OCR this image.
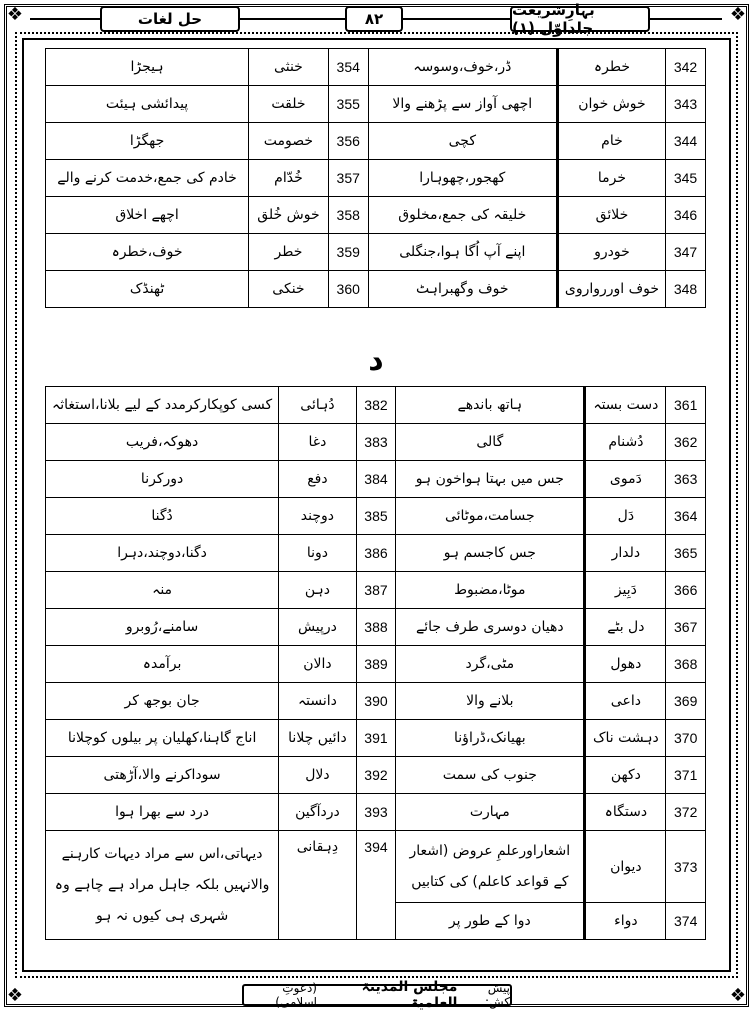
❖	❖
❖	❖
بہارِشریعت جلداوّل (۱)
۸۲
حل لغات
342	خطرہ	ڈر،خوف،وسوسہ	354	خنثی	ہیجڑا
343	خوش خوان	اچھی آواز سے پڑھنے والا	355	خلقت	پیدائشی ہیئت
344	خام	کچی	356	خصومت	جھگڑا
345	خرما	کھجور،چھوہارا	357	خُدّام	خادم کی جمع،خدمت کرنے والے
346	خلائق	خلیقہ کی جمع،مخلوق	358	خوش خُلق	اچھے اخلاق
347	خودرو	اپنے آپ اُگا ہوا،جنگلی	359	خطر	خوف،خطرہ
348	خوف اوررواروی	خوف وگھبراہٹ	360	خنکی	ٹھنڈک
د
361	دست بستہ	ہاتھ باندھے	382	دُہائی	کسی کوپکارکرمدد کے لیے بلانا،استغاثہ
362	دُشنام	گالی	383	دغا	دھوکہ،فریب
363	دَموی	جس میں بہتا ہواخون ہو	384	دفع	دورکرنا
364	دَل	جسامت،موٹائی	385	دوچند	دُگنا
365	دلدار	جس کاجسم ہو	386	دونا	دگنا،دوچند،دہرا
366	دَبِیز	موٹا،مضبوط	387	دہن	منہ
367	دل بٹے	دھیان دوسری طرف جائے	388	درپیش	سامنے،رُوبرو
368	دھول	مٹی،گرد	389	دالان	برآمدہ
369	داعی	بلانے والا	390	دانستہ	جان بوجھ کر
370	دہشت ناک	بھیانک،ڈراؤنا	391	دائیں چلانا	اناج گاہنا،کھلیان پر بیلوں کوچلانا
371	دکھن	جنوب کی سمت	392	دلال	سوداکرنے والا،آڑھتی
372	دستگاہ	مہارت	393	دردآگین	درد سے بھرا ہوا
373	دیوان	اشعاراورعلمِ عروض (اشعار کے قواعد کاعلم) کی کتابیں	394	دِہقانی	دیہاتی،اس سے مراد دیہات کارہنے والانہیں بلکہ جاہل مراد ہے چاہے وہ شہری ہی کیوں نہ ہو
374	دواء	دوا کے طور پر			
پیش کش:
مجلس المدینۃ العلمیۃ
(دعوتِ اسلامی)
